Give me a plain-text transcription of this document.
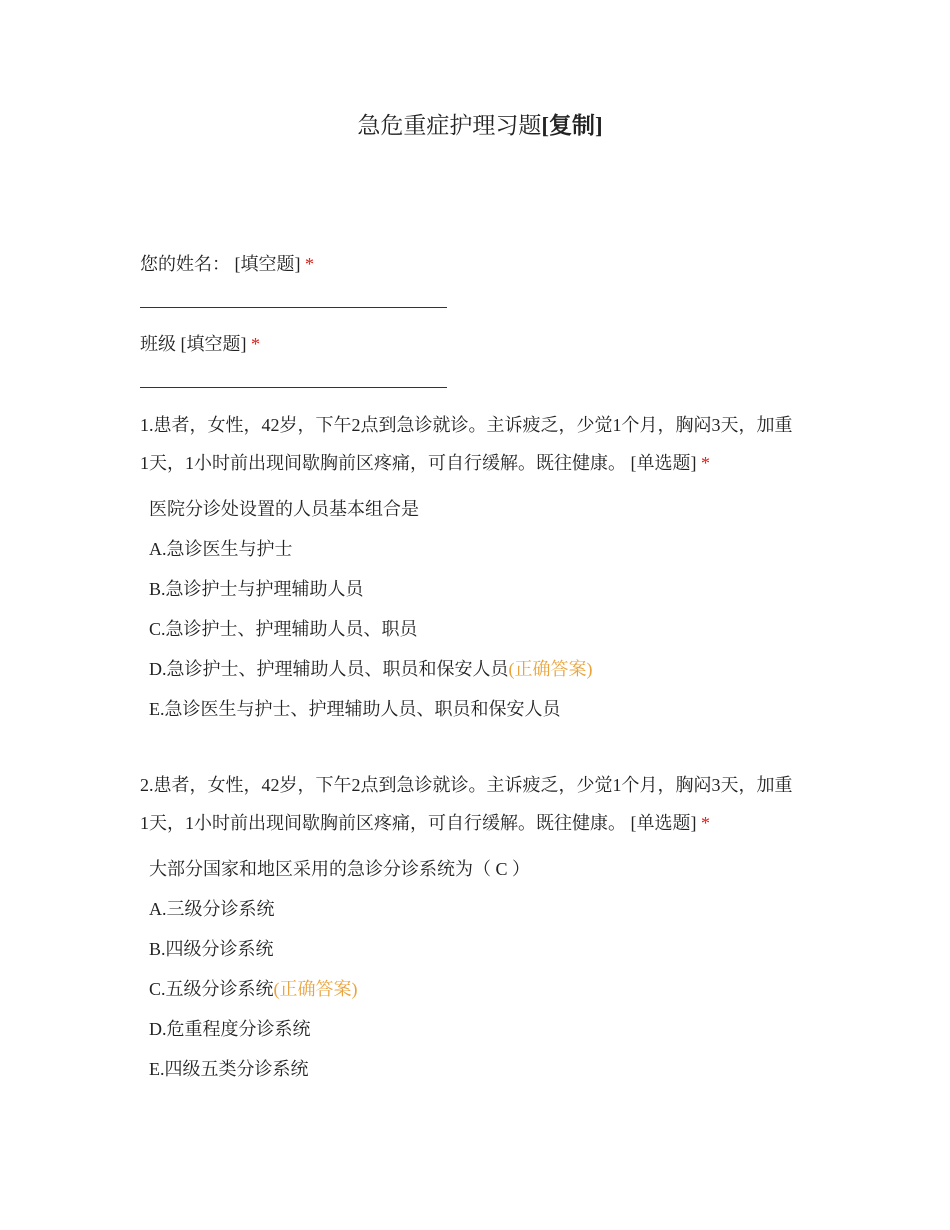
急危重症护理习题[复制]
您的姓名： [填空题] *
班级 [填空题] *
1.患者，女性，42岁，下午2点到急诊就诊。主诉疲乏，少觉1个月，胸闷3天，加重1天，1小时前出现间歇胸前区疼痛，可自行缓解。既往健康。 [单选题] *
医院分诊处设置的人员基本组合是
A.急诊医生与护士
B.急诊护士与护理辅助人员
C.急诊护士、护理辅助人员、职员
D.急诊护士、护理辅助人员、职员和保安人员(正确答案)
E.急诊医生与护士、护理辅助人员、职员和保安人员
2.患者，女性，42岁，下午2点到急诊就诊。主诉疲乏，少觉1个月，胸闷3天，加重1天，1小时前出现间歇胸前区疼痛，可自行缓解。既往健康。 [单选题] *
大部分国家和地区采用的急诊分诊系统为（ C ）
A.三级分诊系统
B.四级分诊系统
C.五级分诊系统(正确答案)
D.危重程度分诊系统
E.四级五类分诊系统
